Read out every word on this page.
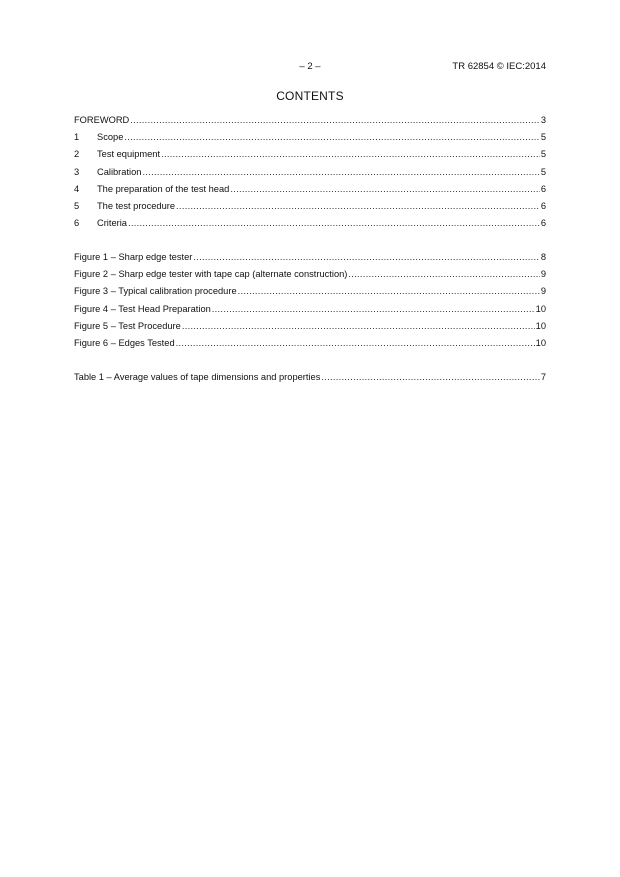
– 2 –	TR 62854 © IEC:2014
CONTENTS
FOREWORD .....	3
1	Scope .....	5
2	Test equipment .....	5
3	Calibration .....	5
4	The preparation of the test head .....	6
5	The test procedure .....	6
6	Criteria .....	6
Figure 1 – Sharp edge tester .....	8
Figure 2 – Sharp edge tester with tape cap (alternate construction) .....	9
Figure 3 – Typical calibration procedure .....	9
Figure 4 – Test Head Preparation .....	10
Figure 5 – Test Procedure .....	10
Figure 6 – Edges Tested .....	10
Table 1 – Average values of tape dimensions and properties .....	7
